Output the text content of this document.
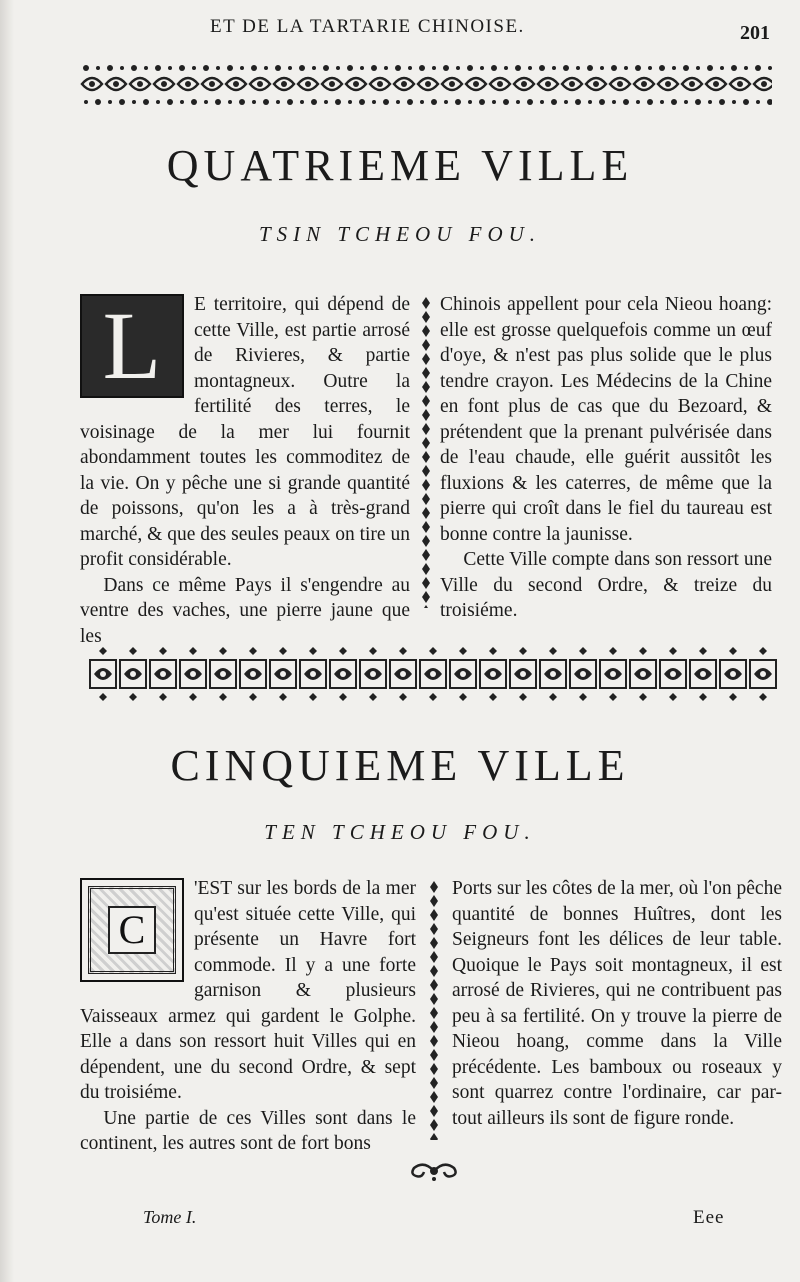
ET DE LA TARTARIE CHINOISE.	201
QUATRIEME VILLE
TSIN TCHEOU FOU.
L	E territoire, qui dépend de cette Ville, est partie arrosé de Rivieres, & partie montagneux. Outre la fertilité des terres, le voisinage de la mer lui fournit abondamment toutes les commoditez de la vie. On y pêche une si grande quantité de poissons, qu'on les a à très-grand marché, & que des seules peaux on tire un profit considérable.

Dans ce même Pays il s'engendre au ventre des vaches, une pierre jaune que les

Chinois appellent pour cela Nieou hoang: elle est grosse quelquefois comme un œuf d'oye, & n'est pas plus solide que le plus tendre crayon. Les Médecins de la Chine en font plus de cas que du Bezoard, & prétendent que la prenant pulvérisée dans de l'eau chaude, elle guérit aussitôt les fluxions & les caterres, de même que la pierre qui croît dans le fiel du taureau est bonne contre la jaunisse.

Cette Ville compte dans son ressort une Ville du second Ordre, & treize du troisiéme.

CINQUIEME VILLE
TEN TCHEOU FOU.
C

'EST sur les bords de la mer qu'est située cette Ville, qui présente un Havre fort commode. Il y a une forte garnison & plusieurs Vaisseaux armez qui gardent le Golphe. Elle a dans son ressort huit Villes qui en dépendent, une du second Ordre, & sept du troisiéme.

Une partie de ces Villes sont dans le continent, les autres sont de fort bons

Ports sur les côtes de la mer, où l'on pêche quantité de bonnes Huîtres, dont les Seigneurs font les délices de leur table. Quoique le Pays soit montagneux, il est arrosé de Rivieres, qui ne contribuent pas peu à sa fertilité. On y trouve la pierre de Nieou hoang, comme dans la Ville précédente. Les bamboux ou roseaux y sont quarrez contre l'ordinaire, car par-tout ailleurs ils sont de figure ronde.

Tome I.	Eee
